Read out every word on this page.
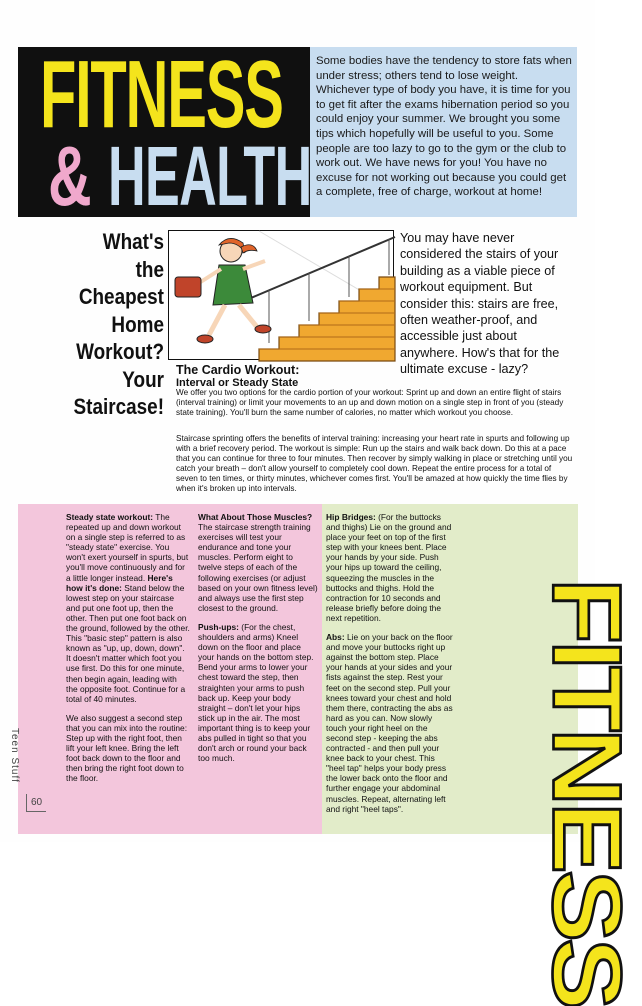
FITNESS
& HEALTH
Some bodies have the tendency to store fats when under stress; others tend to lose weight. Whichever type of body you have, it is time for you to get fit after the exams hibernation period so you could enjoy your summer. We brought you some tips which hopefully will be useful to you. Some people are too lazy to go to the gym or the club to work out. We have news for you! You have no excuse for not working out because you could get a complete, free of charge, workout at home!
What's
the
Cheapest
Home
Workout?
Your
Staircase!
You may have never considered the stairs of your building as a viable piece of workout equipment. But consider this: stairs are free, often weather-proof, and accessible just about anywhere. How's that for the ultimate excuse - lazy?
The Cardio Workout:
Interval or Steady State
We offer you two options for the cardio portion of your workout: Sprint up and down an entire flight of stairs (interval training) or limit your movements to an up and down motion on a single step in front of you (steady state training). You'll burn the same number of calories, no matter which workout you choose.
Staircase sprinting offers the benefits of interval training: increasing your heart rate in spurts and following up with a brief recovery period. The workout is simple: Run up the stairs and walk back down. Do this at a pace that you can continue for three to four minutes. Then recover by simply walking in place or stretching until you catch your breath – don't allow yourself to completely cool down. Repeat the entire process for a total of seven to ten times, or thirty minutes, whichever comes first. You'll be amazed at how quickly the time flies by when it's broken up into intervals.

Steady state workout: The repeated up and down workout on a single step is referred to as "steady state" exercise. You won't exert yourself in spurts, but you'll move continuously and for a little longer instead. Here's how it's done: Stand below the lowest step on your staircase and put one foot up, then the other. Then put one foot back on the ground, followed by the other. This "basic step" pattern is also known as "up, up, down, down". It doesn't matter which foot you use first. Do this for one minute, then begin again, leading with the opposite foot. Continue for a total of 40 minutes.

We also suggest a second step that you can mix into the routine: Step up with the right foot, then lift your left knee. Bring the left foot back down to the floor and then bring the right foot down to the floor.

What About Those Muscles?
The staircase strength training exercises will test your endurance and tone your muscles. Perform eight to twelve steps of each of the following exercises (or adjust based on your own fitness level) and always use the first step closest to the ground.

Push-ups: (For the chest, shoulders and arms) Kneel down on the floor and place your hands on the bottom step. Bend your arms to lower your chest toward the step, then straighten your arms to push back up. Keep your body straight – don't let your hips stick up in the air. The most important thing is to keep your abs pulled in tight so that you don't arch or round your back too much.

Hip Bridges: (For the buttocks and thighs) Lie on the ground and place your feet on top of the first step with your knees bent. Place your hands by your side. Push your hips up toward the ceiling, squeezing the muscles in the buttocks and thighs. Hold the contraction for 10 seconds and release briefly before doing the next repetition.

Abs: Lie on your back on the floor and move your buttocks right up against the bottom step. Place your hands at your sides and your fists against the step. Rest your feet on the second step. Pull your knees toward your chest and hold them there, contracting the abs as hard as you can. Now slowly touch your right heel on the second step - keeping the abs contracted - and then pull your knee back to your chest. This "heel tap" helps your body press the lower back onto the floor and further engage your abdominal muscles. Repeat, alternating left and right "heel taps".	FITNESS
Teen Stuff
60
